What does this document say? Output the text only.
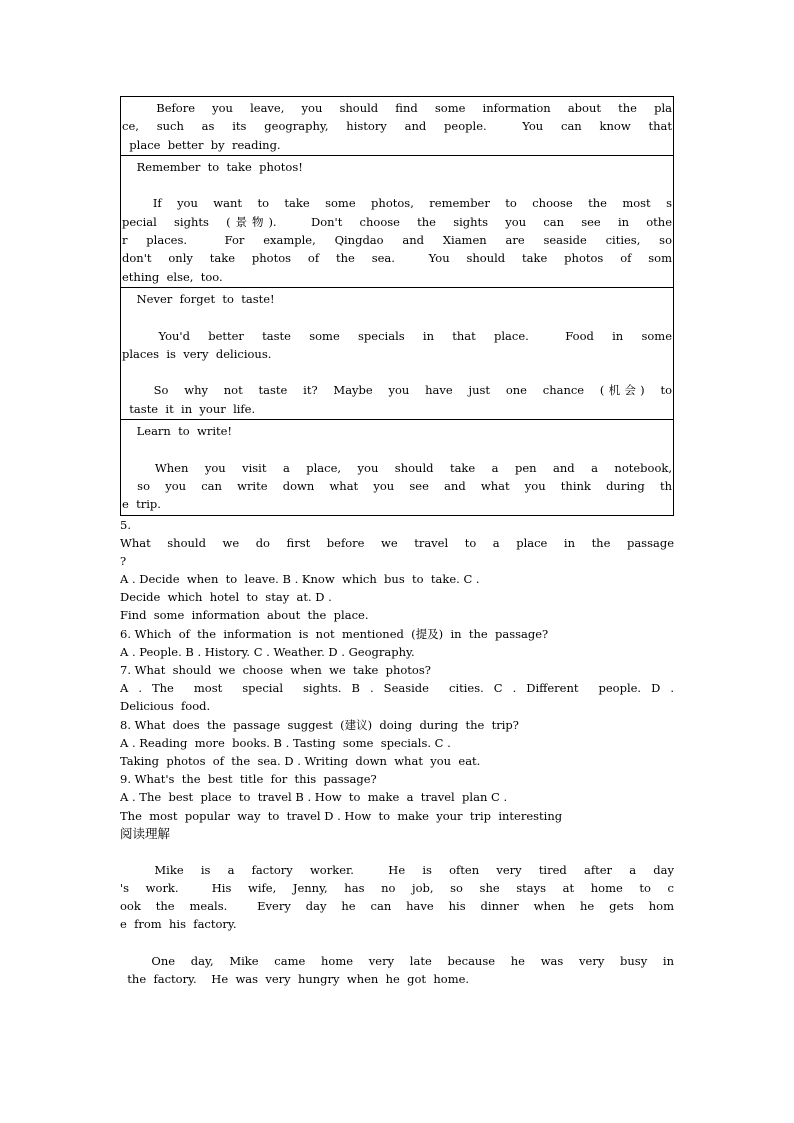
Before  you  leave,  you  should  find  some  information  about  the  pla
ce,  such  as  its  geography,  history  and  people.    You  can  know  that
place  better  by  reading.

Remember  to  take  photos!
If  you  want  to  take  some  photos,  remember  to  choose  the  most  s
pecial  sights  (景物).    Don't  choose  the  sights  you  can  see  in  othe
r  places.    For  example,  Qingdao  and  Xiamen  are  seaside  cities,  so
don't  only  take  photos  of  the  sea.    You  should  take  photos  of  som
ething  else,  too.

Never  forget  to  taste!
You'd  better  taste  some  specials  in  that  place.    Food  in  some
places  is  very  delicious.
So  why  not  taste  it?  Maybe  you  have  just  one  chance  (机会)  to
taste  it  in  your  life.

Learn  to  write!
When  you  visit  a  place,  you  should  take  a  pen  and  a  notebook,
so  you  can  write  down  what  you  see  and  what  you  think  during  th
e  trip.
5.
What  should  we  do  first  before  we  travel  to  a  place  in  the  passage
?
A . Decide  when  to  leave. B . Know  which  bus  to  take. C .
Decide  which  hotel  to  stay  at. D .
Find  some  information  about  the  place.
6. Which  of  the  information  is  not  mentioned  (提及)  in  the  passage?
A . People. B . History. C . Weather. D . Geography.
7. What  should  we  choose  when  we  take  photos?
A . The  most  special  sights. B . Seaside  cities. C . Different  people. D .
Delicious  food.
8. What  does  the  passage  suggest  (建议)  doing  during  the  trip?
A . Reading  more  books. B . Tasting  some  specials. C .
Taking  photos  of  the  sea. D . Writing  down  what  you  eat.
9. What's  the  best  title  for  this  passage?
A . The  best  place  to  travel B . How  to  make  a  travel  plan C .
The  most  popular  way  to  travel D . How  to  make  your  trip  interesting
阅读理解
Mike  is  a  factory  worker.    He  is  often  very  tired  after  a  day
's  work.    His  wife,  Jenny,  has  no  job,  so  she  stays  at  home  to  c
ook  the  meals.    Every  day  he  can  have  his  dinner  when  he  gets  hom
e  from  his  factory.
One  day,  Mike  came  home  very  late  because  he  was  very  busy  in
the  factory.    He  was  very  hungry  when  he  got  home.
